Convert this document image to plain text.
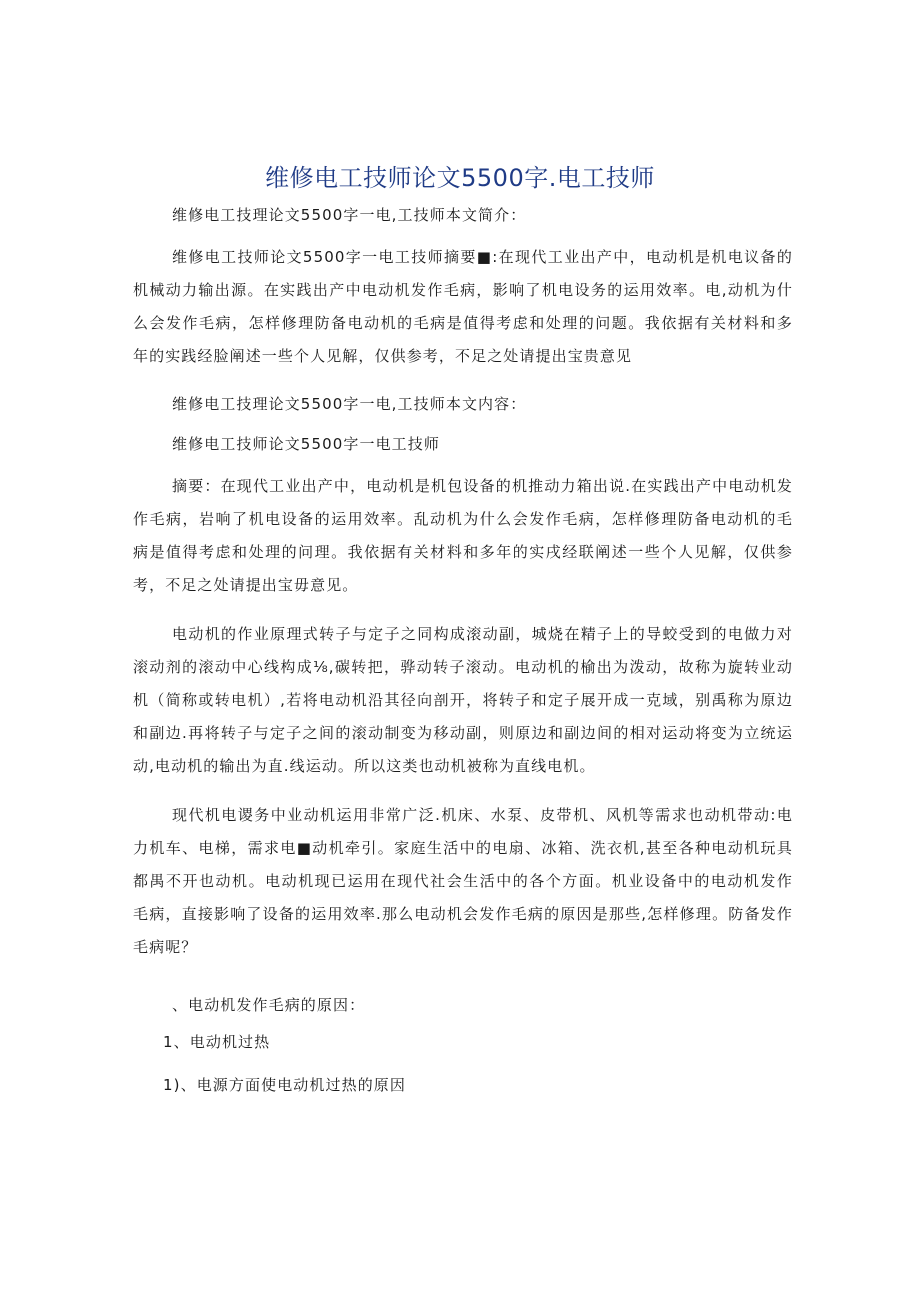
维修电工技师论文5500字.电工技师

维修电工技理论文5500字一电,工技师本文简介：

维修电工技师论文5500字一电工技师摘要■:在现代工业出产中，电动机是机电议备的机械动力输出源。在实践出产中电动机发作毛病，影响了机电设务的运用效率。电,动机为什么会发作毛病，怎样修理防备电动机的毛病是值得考虑和处理的问题。我依据有关材料和多年的实践经脸阐述一些个人见解，仅供参考，不足之处请提出宝贵意见

维修电工技理论文5500字一电,工技师本文内容：

维修电工技师论文5500字一电工技师

摘要：在现代工业出产中，电动机是机包设备的机推动力箱出说.在实践出产中电动机发作毛病，岩响了机电设备的运用效率。乱动机为什么会发作毛病，怎样修理防备电动机的毛病是值得考虑和处理的问理。我依据有关材料和多年的实戌经联阐述一些个人见解，仅供参考，不足之处请提出宝毋意见。

电动机的作业原理式转子与定子之同构成滚动副，城烧在精子上的导蛟受到的电做力对滚动剂的滚动中心线构成⅛,碳转把，骅动转子滚动。电动机的榆出为泼动，故称为旋转业动机（简称或转电机）,若将电动机沿其径向剖开，将转子和定子展开成一克域，别禹称为原边和副边.再将转子与定子之间的滚动制变为移动副，则原边和副边间的相对运动将变为立统运动,电动机的输出为直.线运动。所以这类也动机被称为直线电机。

现代机电谡务中业动机运用非常广泛.机床、水泵、皮带机、风机等需求也动机带动:电力机车、电梯，需求电■动机牵引。家庭生活中的电扇、冰箱、洗衣机,甚至各种电动机玩具都禺不开也动机。电动机现已运用在现代社会生活中的各个方面。机业设备中的电动机发作毛病，直接影响了设备的运用效率.那么电动机会发作毛病的原因是那些,怎样修理。防备发作毛病呢？

、电动机发作毛病的原因：

1、电动机过热

1)、电源方面使电动机过热的原因
